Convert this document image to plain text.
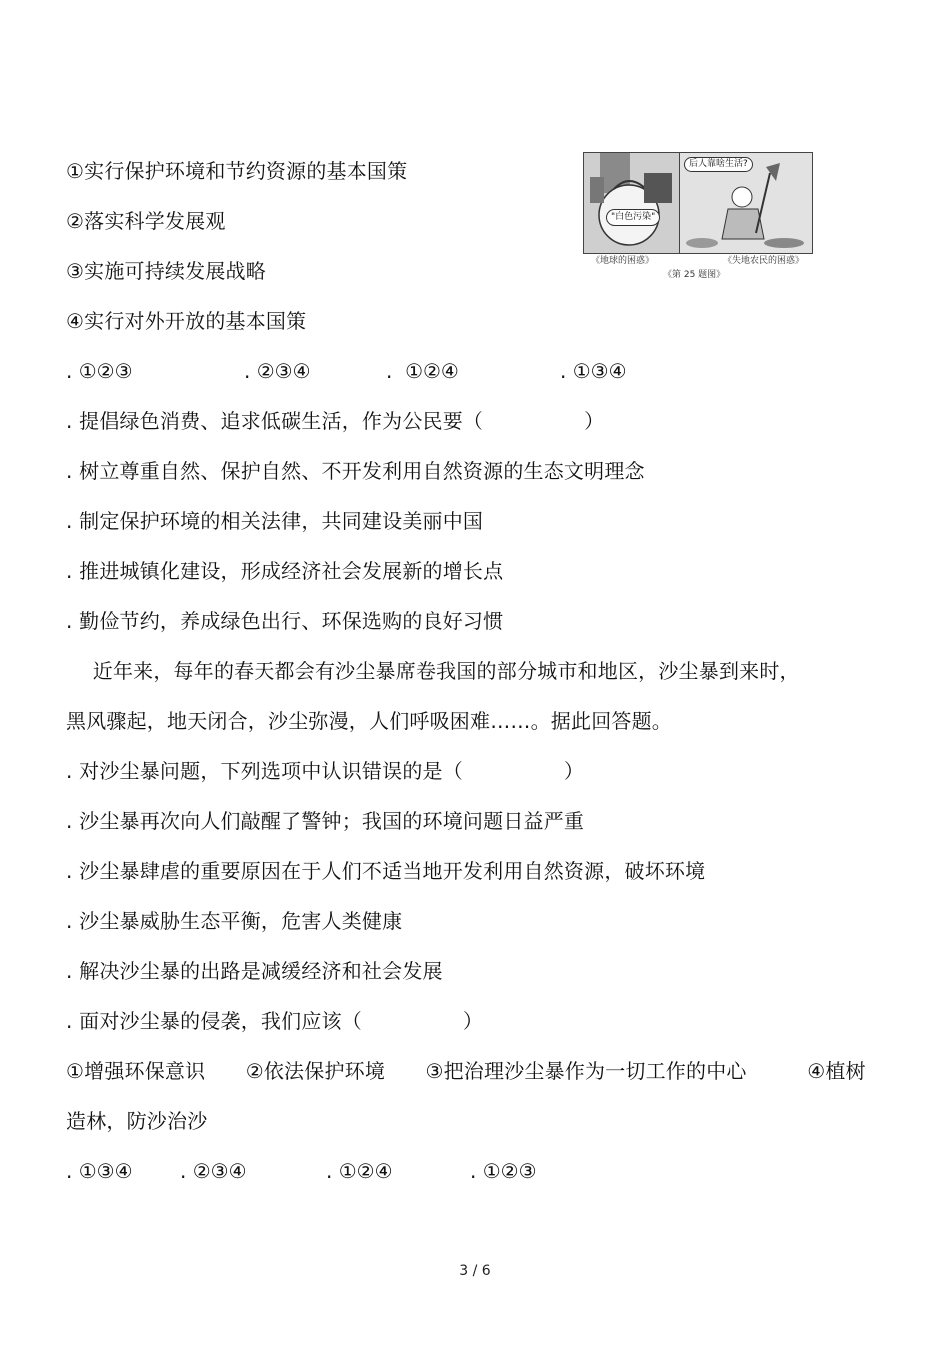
①实行保护环境和节约资源的基本国策
②落实科学发展观
③实施可持续发展战略
④实行对外开放的基本国策

. ①②③

	. ②③④

	.  ①②④

	. ①③④

. 提倡绿色消费、追求低碳生活，作为公民要（　　　　　）
. 树立尊重自然、保护自然、不开发利用自然资源的生态文明理念
. 制定保护环境的相关法律，共同建设美丽中国
. 推进城镇化建设，形成经济社会发展新的增长点
. 勤俭节约，养成绿色出行、环保选购的良好习惯
　 近年来，每年的春天都会有沙尘暴席卷我国的部分城市和地区，沙尘暴到来时，
黑风骤起，地天闭合，沙尘弥漫，人们呼吸困难……。据此回答题。
. 对沙尘暴问题，下列选项中认识错误的是（　　　　　）
. 沙尘暴再次向人们敲醒了警钟；我国的环境问题日益严重
. 沙尘暴肆虐的重要原因在于人们不适当地开发利用自然资源，破坏环境
. 沙尘暴威胁生态平衡，危害人类健康
. 解决沙尘暴的出路是减缓经济和社会发展
. 面对沙尘暴的侵袭，我们应该（　　　　　）
①增强环保意识　　②依法保护环境　　③把治理沙尘暴作为一切工作的中心　　　④植树
造林，防沙治沙

. ①③④

. ②③④

	. ①②④

	. ①②③

"白色污染"
后人靠啥生活?
《地球的困惑》	《失地农民的困惑》
《第 25 题图》
3 / 6
